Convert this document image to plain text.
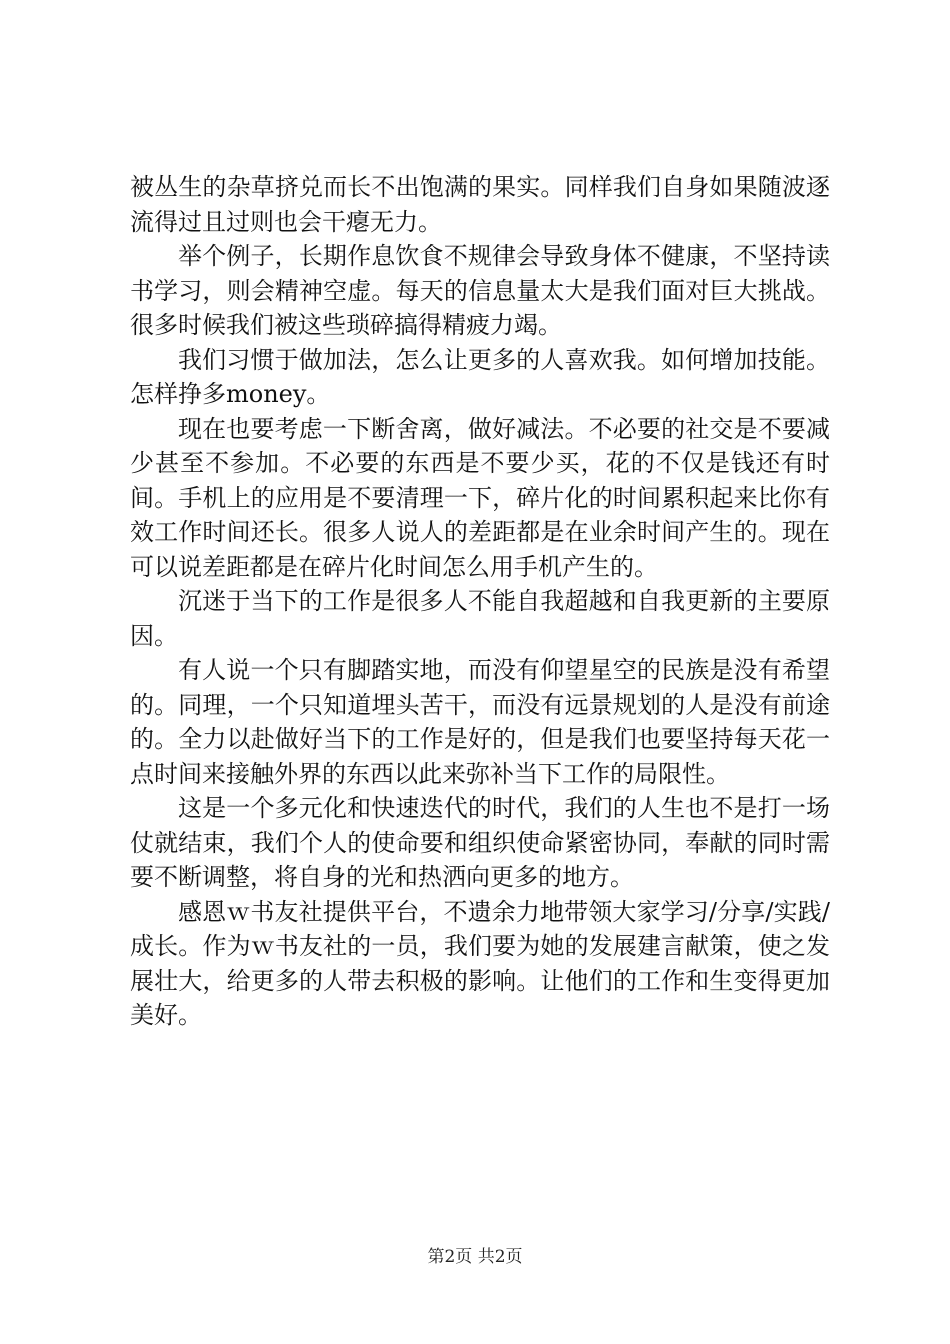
被丛生的杂草挤兑而长不出饱满的果实。同样我们自身如果随波逐流得过且过则也会干瘪无力。

举个例子，长期作息饮食不规律会导致身体不健康，不坚持读书学习，则会精神空虚。每天的信息量太大是我们面对巨大挑战。很多时候我们被这些琐碎搞得精疲力竭。

我们习惯于做加法，怎么让更多的人喜欢我。如何增加技能。怎样挣多money。

现在也要考虑一下断舍离，做好减法。不必要的社交是不要减少甚至不参加。不必要的东西是不要少买，花的不仅是钱还有时间。手机上的应用是不要清理一下，碎片化的时间累积起来比你有效工作时间还长。很多人说人的差距都是在业余时间产生的。现在可以说差距都是在碎片化时间怎么用手机产生的。

沉迷于当下的工作是很多人不能自我超越和自我更新的主要原因。

有人说一个只有脚踏实地，而没有仰望星空的民族是没有希望的。同理，一个只知道埋头苦干，而没有远景规划的人是没有前途的。全力以赴做好当下的工作是好的，但是我们也要坚持每天花一点时间来接触外界的东西以此来弥补当下工作的局限性。

这是一个多元化和快速迭代的时代，我们的人生也不是打一场仗就结束，我们个人的使命要和组织使命紧密协同，奉献的同时需要不断调整，将自身的光和热洒向更多的地方。

感恩ｗ书友社提供平台，不遗余力地带领大家学习/分享/实践/成长。作为ｗ书友社的一员，我们要为她的发展建言献策，使之发展壮大，给更多的人带去积极的影响。让他们的工作和生变得更加美好。

第2页 共2页
